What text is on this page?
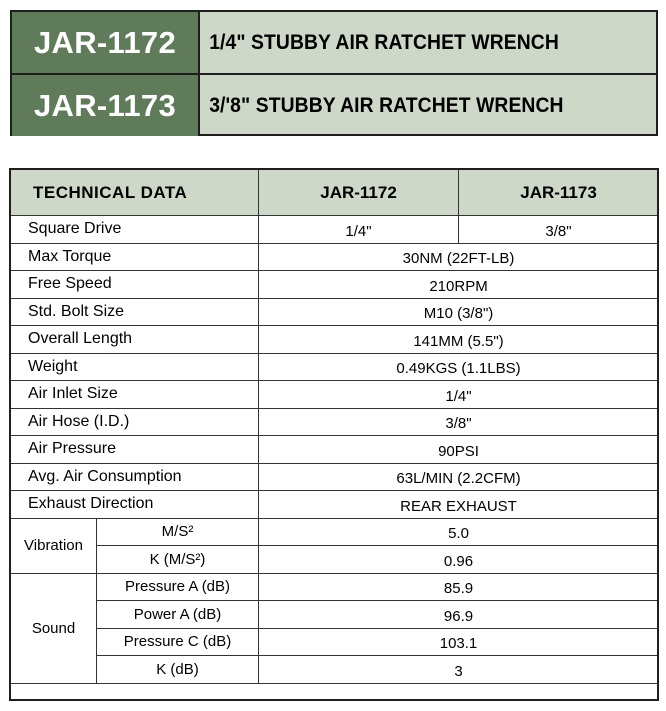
JAR-1172	1/4" STUBBY AIR RATCHET WRENCH
JAR-1173	3/'8" STUBBY AIR RATCHET WRENCH
TECHNICAL DATA		JAR-1172	JAR-1173
Square Drive		1/4"	3/8"
Max Torque		30NM (22FT-LB)	
Free Speed		210RPM	
Std. Bolt Size		M10 (3/8")	
Overall Length		141MM (5.5")	
Weight		0.49KGS (1.1LBS)	
Air Inlet Size		1/4"	
Air Hose (I.D.)		3/8"	
Air Pressure		90PSI	
Avg. Air Consumption		63L/MIN (2.2CFM)	
Exhaust Direction		REAR EXHAUST	
Vibration	M/S²	5.0	
	K (M/S²)	0.96	
Sound	Pressure A (dB)	85.9	
	Power A (dB)	96.9	
	Pressure C (dB)	103.1	
	K (dB)	3	
